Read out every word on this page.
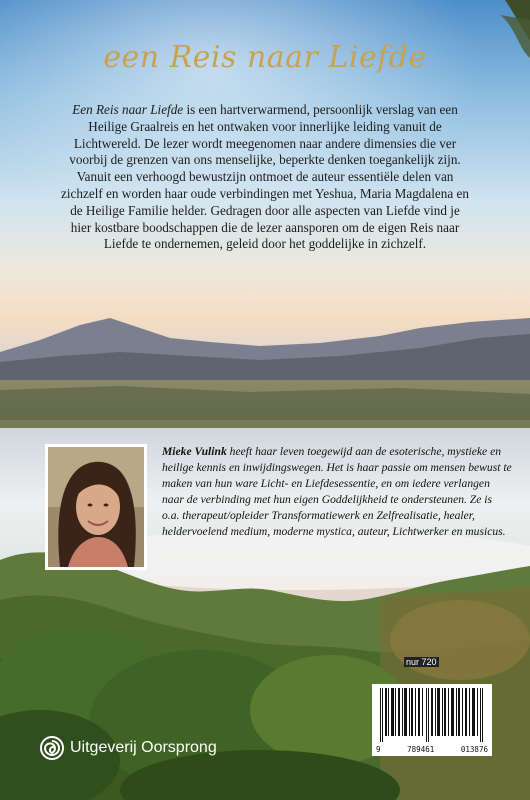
een Reis naar Liefde
Een Reis naar Liefde is een hartverwarmend, persoonlijk verslag van een Heilige Graalreis en het ontwaken voor innerlijke leiding vanuit de Lichtwereld. De lezer wordt meegenomen naar andere dimensies die ver voorbij de grenzen van ons menselijke, beperkte denken toegankelijk zijn. Vanuit een verhoogd bewustzijn ontmoet de auteur essentiële delen van zichzelf en worden haar oude verbindingen met Yeshua, Maria Magdalena en de Heilige Familie helder. Gedragen door alle aspecten van Liefde vind je hier kostbare boodschappen die de lezer aansporen om de eigen Reis naar Liefde te ondernemen, geleid door het goddelijke in zichzelf.
Mieke Vulink heeft haar leven toegewijd aan de esoterische, mystieke en heilige kennis en inwijdingswegen. Het is haar passie om mensen bewust te maken van hun ware Licht- en Liefdesessentie, en om iedere verlangen naar de verbinding met hun eigen Goddelijkheid te ondersteunen. Ze is o.a. therapeut/opleider Transformatiewerk en Zelfrealisatie, healer, heldervoelend medium, moderne mystica, auteur, Lichtwerker en musicus.
nur 720
9	789461	013876
Uitgeverij Oorsprong
